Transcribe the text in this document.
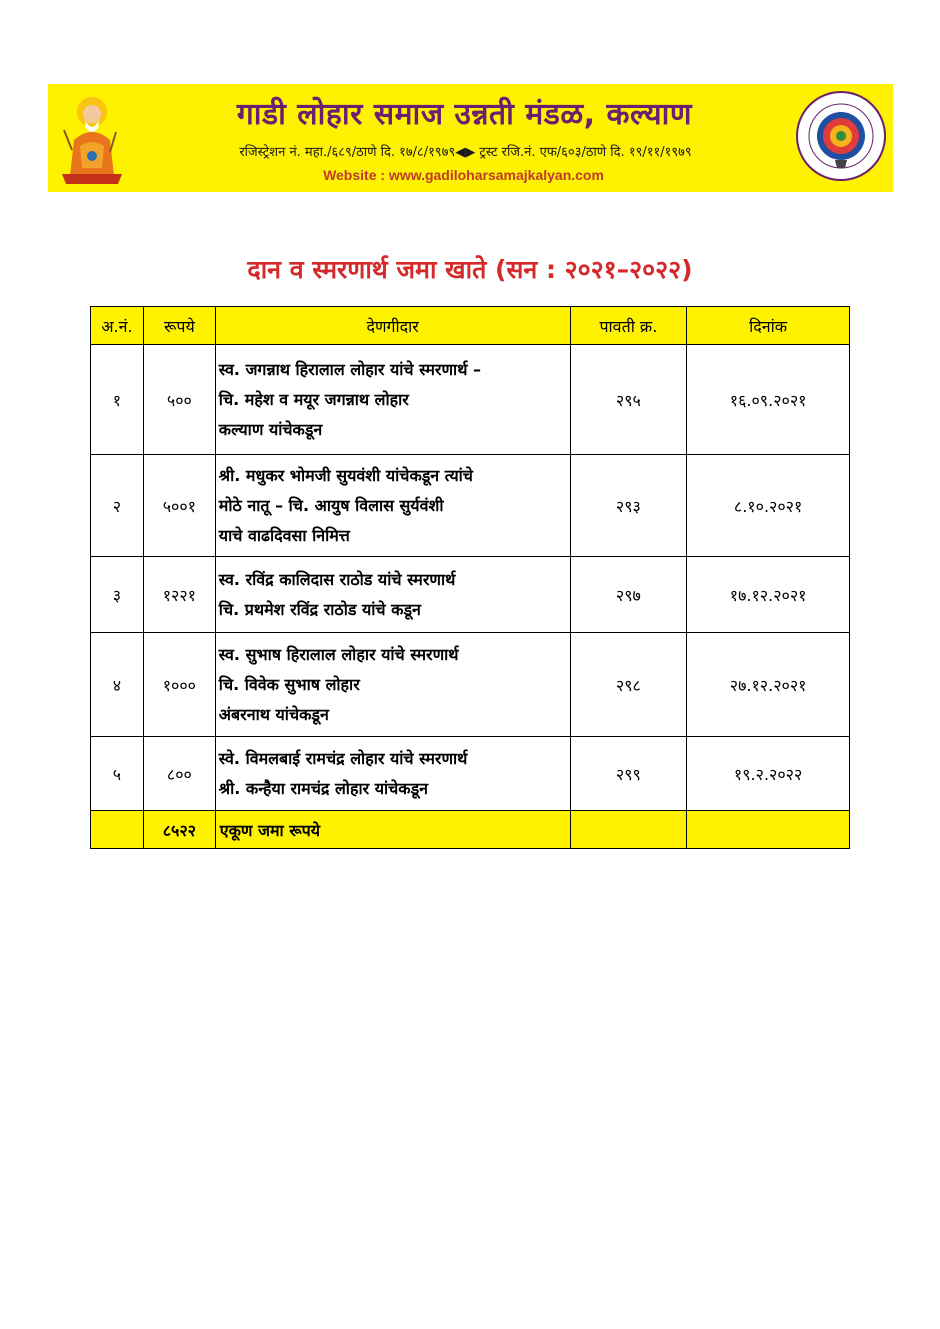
गाडी लोहार समाज उन्नती मंडळ, कल्याण
रजिस्ट्रेशन नं. महा./६८९/ठाणे दि. १७/८/१९७९◀▶ ट्रस्ट रजि.नं. एफ/६०३/ठाणे दि. १९/११/१९७९
Website : www.gadiloharsamajkalyan.com
दान व स्मरणार्थ जमा खाते (सन : २०२१–२०२२)
अ.नं.	रूपये	देणगीदार	पावती क्र.	दिनांक
१	५००	स्व. जगन्नाथ हिरालाल लोहार यांचे स्मरणार्थ –
चि. महेश व मयूर जगन्नाथ लोहार
कल्याण यांचेकडून	२९५	१६.०९.२०२१
२	५००१	श्री. मधुकर भोमजी सुयवंशी यांचेकडून त्यांचे
मोठे नातू – चि. आयुष विलास सुर्यवंशी
याचे वाढदिवसा निमित्त	२९३	८.१०.२०२१
३	१२२१	स्व. रविंद्र कालिदास राठोड यांचे स्मरणार्थ
चि. प्रथमेश रविंद्र राठोड यांचे कडून	२९७	१७.१२.२०२१
४	१०००	स्व. सुभाष हिरालाल लोहार यांचे स्मरणार्थ
चि. विवेक सुभाष लोहार
अंबरनाथ यांचेकडून	२९८	२७.१२.२०२१
५	८००	स्वे. विमलबाई रामचंद्र लोहार यांचे स्मरणार्थ
श्री. कन्हैया रामचंद्र लोहार यांचेकडून	२९९	१९.२.२०२२
	८५२२	एकूण जमा रूपये		
